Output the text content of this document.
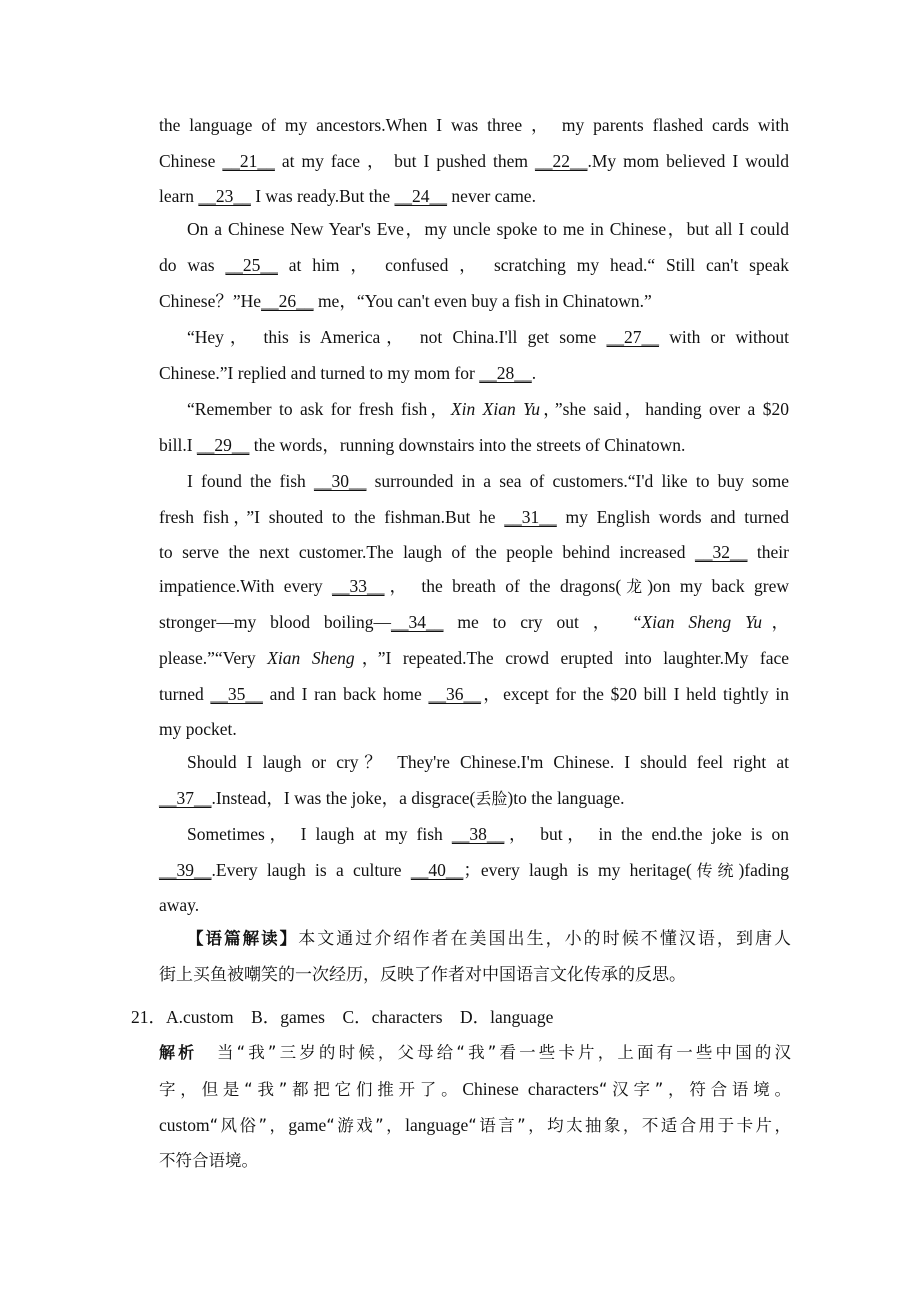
the language of my ancestors.When I was three ， my parents flashed cards with
Chinese __21__ at my face ， but I pushed them __22__.My mom believed I would
learn __23__ I was ready.But the __24__ never came.
On a Chinese New Year's Eve，my uncle spoke to me in Chinese，but all I could
do was __25__ at him ， confused ， scratching my head.“ Still can't speak
Chinese？”He__26__ me，“You can't even buy a fish in Chinatown.”
“Hey， this is America， not China.I'll get some __27__ with or without
Chinese.”I replied and turned to my mom for __28__.
“Remember to ask for fresh fish，Xin Xian Yu，”she said，handing over a $20
bill.I __29__ the words，running downstairs into the streets of Chinatown.
I found the fish __30__ surrounded in a sea of customers.“I'd like to buy some
fresh fish，”I shouted to the fishman.But he __31__ my English words and turned
to serve the next customer.The laugh of the people behind increased __32__ their
impatience.With every __33__， the breath of the dragons(龙)on my back grew
stronger—my blood boiling—__34__ me to cry out ， “Xian Sheng Yu，
please.”“Very Xian Sheng，”I repeated.The crowd erupted into laughter.My face
turned __35__ and I ran back home __36__，except for the $20 bill I held tightly in
my pocket.
Should I laugh or cry？ They're Chinese.I'm Chinese. I should feel right at
__37__.Instead，I was the joke，a disgrace(丢脸)to the language.
Sometimes， I laugh at my fish __38__， but， in the end.the joke is on
__39__.Every laugh is a culture __40__；every laugh is my heritage(传统)fading
away.
【语篇解读】本文通过介绍作者在美国出生，小的时候不懂汉语，到唐人
街上买鱼被嘲笑的一次经历，反映了作者对中国语言文化传承的反思。
21．A.custom　B．games　C．characters　D．language
解析　 当“我”三岁的时候，父母给“我”看一些卡片，上面有一些中国的汉
字，但是“我”都把它们推开了。Chinese characters“汉字”，符合语境。
custom“风俗”，game“游戏”，language“语言”，均太抽象，不适合用于卡片，
不符合语境。
